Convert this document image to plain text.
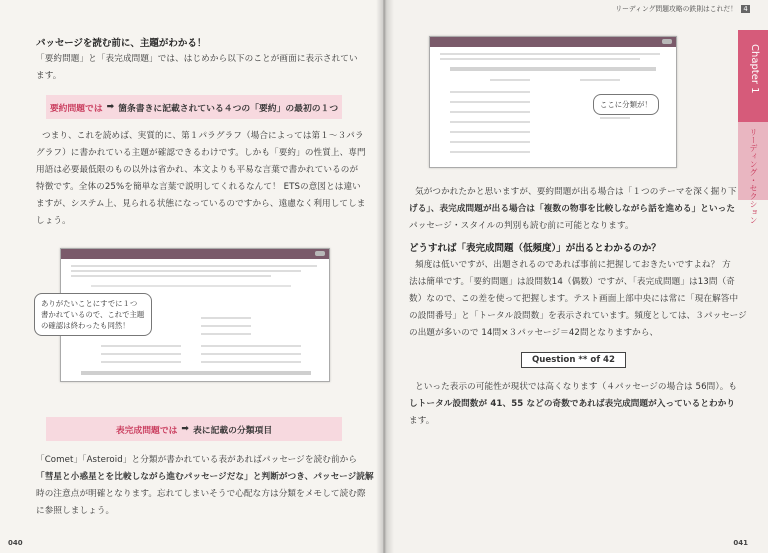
パッセージを読む前に、主題がわかる！
「要約問題」と「表完成問題」では、はじめから以下のことが画面に表示されてい
ます。
要約問題では ➡ 箇条書きに記載されている４つの「要約」の最初の１つ
つまり、これを読めば、実質的に、第１パラグラフ（場合によっては第１〜３パラ
グラフ）に書かれている主題が確認できるわけです。しかも「要約」の性質上、専門
用語は必要最低限のもの以外は省かれ、本文よりも平易な言葉で書かれているのが
特徴です。全体の25%を簡単な言葉で説明してくれるなんて！ ETSの意図とは違い
ますが、システム上、見られる状態になっているのですから、遠慮なく利用してしま
しょう。
ありがたいことにすでに１つ
書かれているので、これで主題
の確認は終わったも同然！
表完成問題では ➡ 表に記載の分類項目
「Comet」「Asteroid」と分類が書かれている表があればパッセージを読む前から
「彗星と小惑星とを比較しながら進むパッセージだな」と判断がつき、パッセージ読解
時の注意点が明確となります。忘れてしまいそうで心配な方は分類をメモして読む際
に参照しましょう。
040
リーディング問題攻略の鉄則はこれだ！ 4
Chapter 1
リーディング・セクション
ここに分類が！
気がつかれたかと思いますが、要約問題が出る場合は「１つのテーマを深く掘り下
げる」、表完成問題が出る場合は「複数の物事を比較しながら話を進める」といった
パッセージ・スタイルの判別も読む前に可能となります。
どうすれば「表完成問題（低頻度）」が出るとわかるのか？
頻度は低いですが、出題されるのであれば事前に把握しておきたいですよね？ 方
法は簡単です。「要約問題」は設問数14（偶数）ですが、「表完成問題」は13問（奇
数）なので、この差を使って把握します。テスト画面上部中央には常に「現在解答中
の設問番号」と「トータル設問数」を表示されています。頻度としては、３パッセージ
の出題が多いので 14問×３パッセージ＝42問となりますから、
Question ** of 42
といった表示の可能性が現状では高くなります（４パッセージの場合は 56問）。も
しトータル設問数が 41、55 などの奇数であれば表完成問題が入っているとわかり
ます。
041
